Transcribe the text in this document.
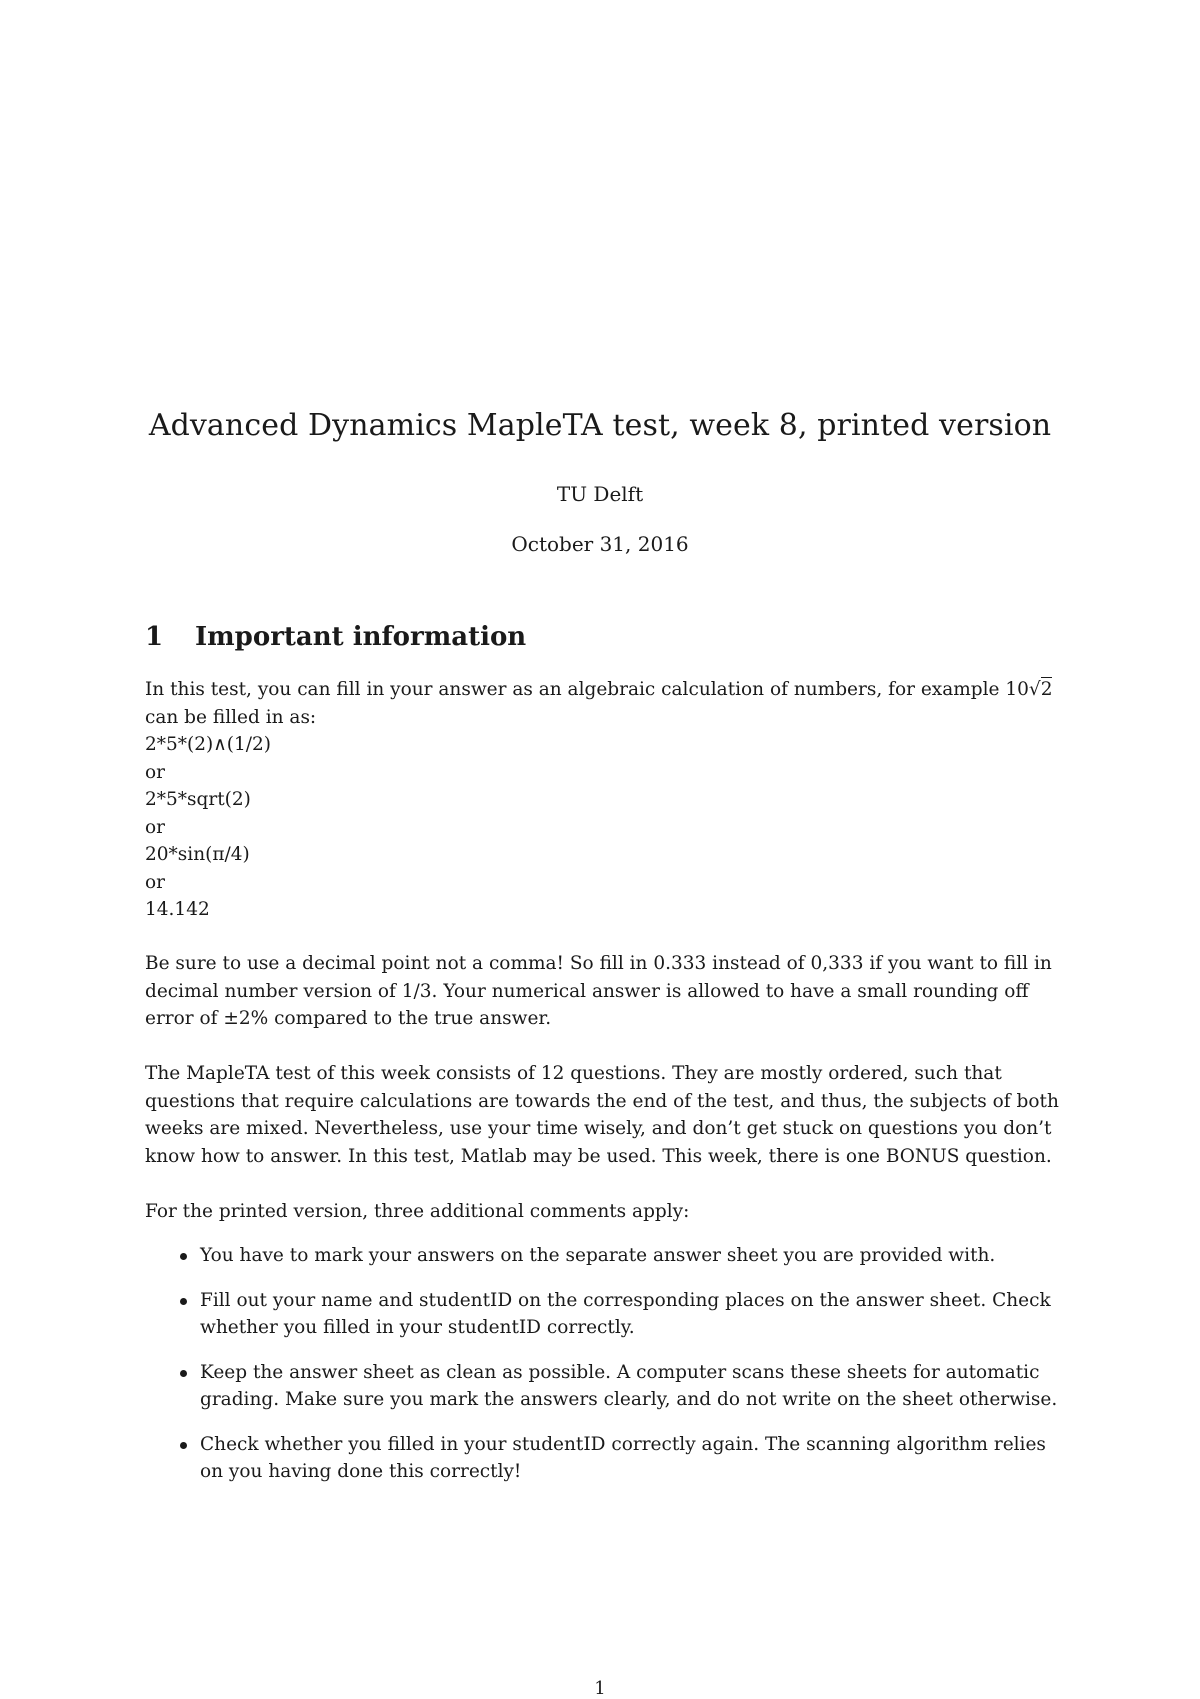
Advanced Dynamics MapleTA test, week 8, printed version
TU Delft
October 31, 2016
1 Important information

In this test, you can fill in your answer as an algebraic calculation of numbers, for example 10√2 can be filled in as:

2*5*(2)∧(1/2)

or

2*5*sqrt(2)

or

20*sin(π/4)

or

14.142

Be sure to use a decimal point not a comma! So fill in 0.333 instead of 0,333 if you want to fill in decimal number version of 1/3. Your numerical answer is allowed to have a small rounding off error of ±2% compared to the true answer.
The MapleTA test of this week consists of 12 questions. They are mostly ordered, such that questions that require calculations are towards the end of the test, and thus, the subjects of both weeks are mixed. Nevertheless, use your time wisely, and don’t get stuck on questions you don’t know how to answer. In this test, Matlab may be used. This week, there is one BONUS question.
For the printed version, three additional comments apply:
You have to mark your answers on the separate answer sheet you are provided with.
Fill out your name and studentID on the corresponding places on the answer sheet. Check whether you filled in your studentID correctly.
Keep the answer sheet as clean as possible. A computer scans these sheets for automatic grading. Make sure you mark the answers clearly, and do not write on the sheet otherwise.
Check whether you filled in your studentID correctly again. The scanning algorithm relies on you having done this correctly!
1
